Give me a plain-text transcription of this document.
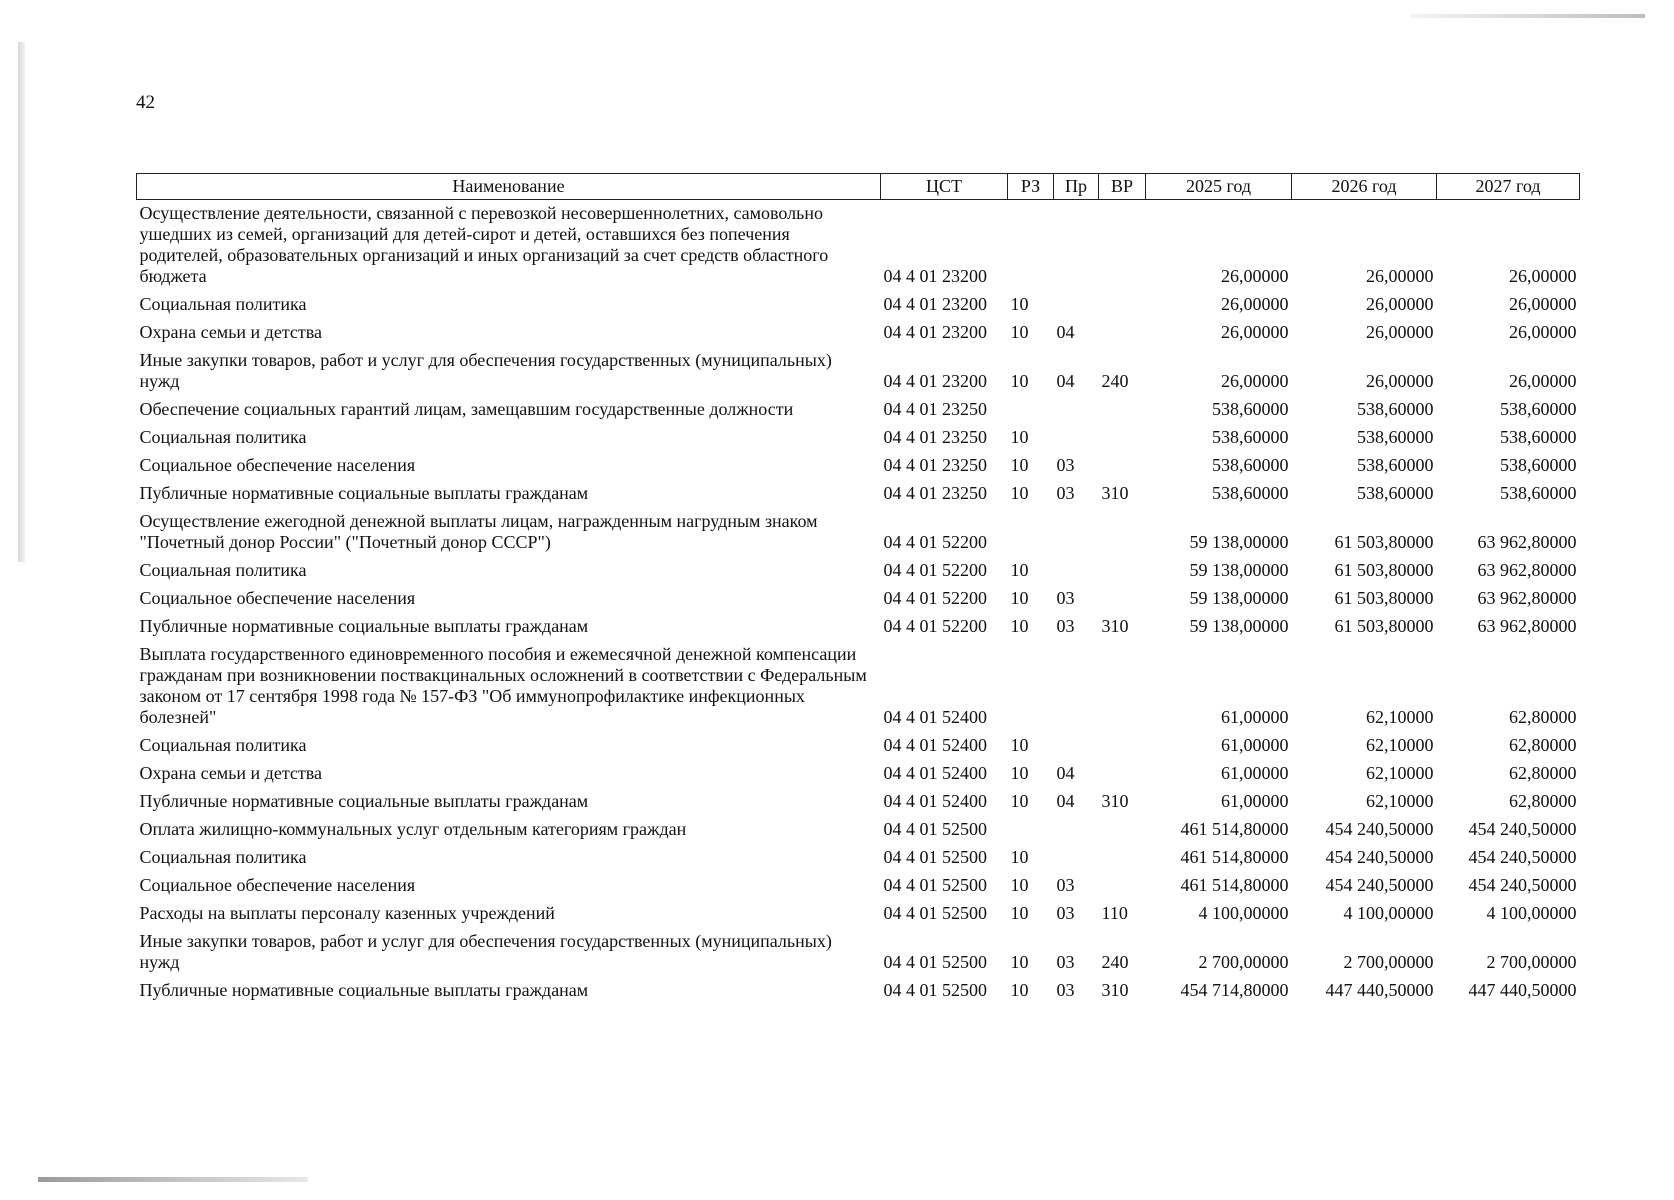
42
Наименование	ЦСТ	РЗ	Пр	ВР	2025 год	2026 год	2027 год
Осуществление деятельности, связанной с перевозкой несовершеннолетних, самовольно ушедших из семей, организаций для детей-сирот и детей, оставшихся без попечения родителей, образовательных организаций и иных организаций за счет средств областного бюджета	04 4 01 23200				26,00000	26,00000	26,00000
Социальная политика	04 4 01 23200	10			26,00000	26,00000	26,00000
Охрана семьи и детства	04 4 01 23200	10	04		26,00000	26,00000	26,00000
Иные закупки товаров, работ и услуг для обеспечения государственных (муниципальных) нужд	04 4 01 23200	10	04	240	26,00000	26,00000	26,00000
Обеспечение социальных гарантий лицам, замещавшим государственные должности	04 4 01 23250				538,60000	538,60000	538,60000
Социальная политика	04 4 01 23250	10			538,60000	538,60000	538,60000
Социальное обеспечение населения	04 4 01 23250	10	03		538,60000	538,60000	538,60000
Публичные нормативные социальные выплаты гражданам	04 4 01 23250	10	03	310	538,60000	538,60000	538,60000
Осуществление ежегодной денежной выплаты лицам, награжденным нагрудным знаком "Почетный донор России" ("Почетный донор СССР")	04 4 01 52200				59 138,00000	61 503,80000	63 962,80000
Социальная политика	04 4 01 52200	10			59 138,00000	61 503,80000	63 962,80000
Социальное обеспечение населения	04 4 01 52200	10	03		59 138,00000	61 503,80000	63 962,80000
Публичные нормативные социальные выплаты гражданам	04 4 01 52200	10	03	310	59 138,00000	61 503,80000	63 962,80000
Выплата государственного единовременного пособия и ежемесячной денежной компенсации гражданам при возникновении поствакцинальных осложнений в соответствии с Федеральным законом от 17 сентября 1998 года № 157-ФЗ "Об иммунопрофилактике инфекционных болезней"	04 4 01 52400				61,00000	62,10000	62,80000
Социальная политика	04 4 01 52400	10			61,00000	62,10000	62,80000
Охрана семьи и детства	04 4 01 52400	10	04		61,00000	62,10000	62,80000
Публичные нормативные социальные выплаты гражданам	04 4 01 52400	10	04	310	61,00000	62,10000	62,80000
Оплата жилищно-коммунальных услуг отдельным категориям граждан	04 4 01 52500				461 514,80000	454 240,50000	454 240,50000
Социальная политика	04 4 01 52500	10			461 514,80000	454 240,50000	454 240,50000
Социальное обеспечение населения	04 4 01 52500	10	03		461 514,80000	454 240,50000	454 240,50000
Расходы на выплаты персоналу казенных учреждений	04 4 01 52500	10	03	110	4 100,00000	4 100,00000	4 100,00000
Иные закупки товаров, работ и услуг для обеспечения государственных (муниципальных) нужд	04 4 01 52500	10	03	240	2 700,00000	2 700,00000	2 700,00000
Публичные нормативные социальные выплаты гражданам	04 4 01 52500	10	03	310	454 714,80000	447 440,50000	447 440,50000
